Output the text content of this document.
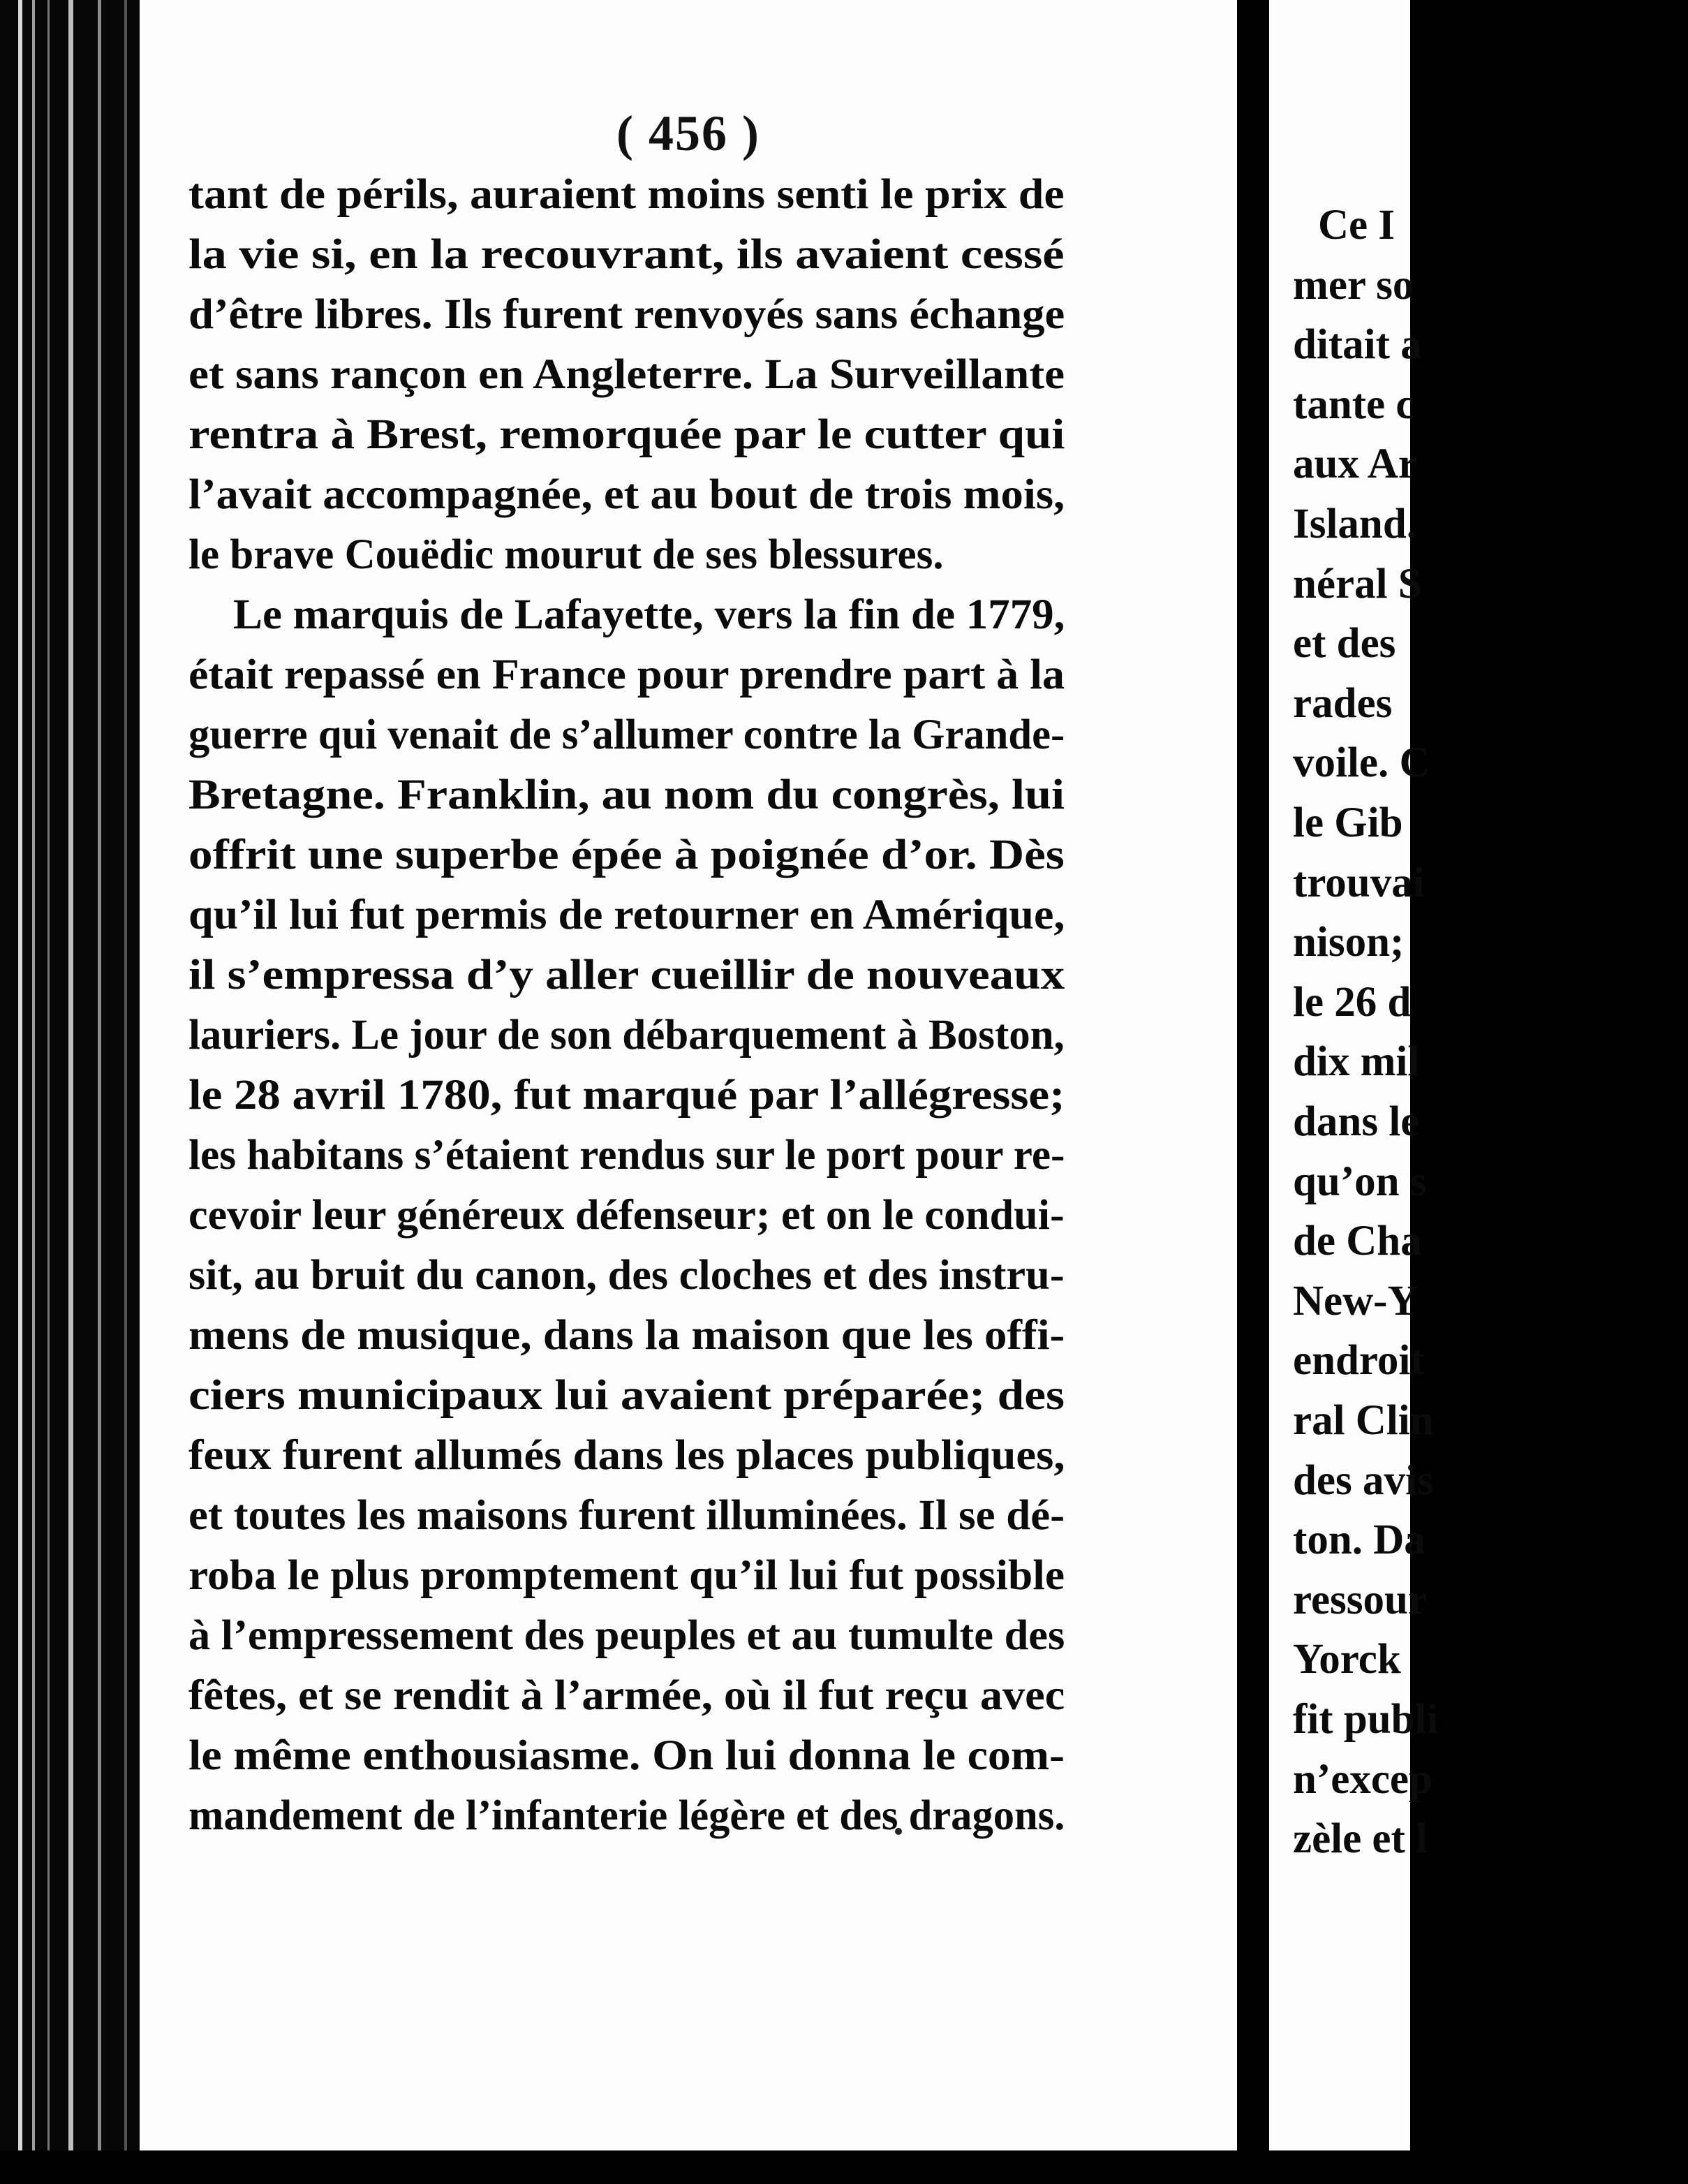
( 456 )
tant de périls, auraient moins senti le prix de
la vie si, en la recouvrant, ils avaient cessé
d’être libres. Ils furent renvoyés sans échange
et sans rançon en Angleterre. La Surveillante
rentra à Brest, remorquée par le cutter qui
l’avait accompagnée, et au bout de trois mois,
le brave Couëdic mourut de ses blessures.
Le marquis de Lafayette, vers la fin de 1779,
était repassé en France pour prendre part à la
guerre qui venait de s’allumer contre la Grande-
Bretagne. Franklin, au nom du congrès, lui
offrit une superbe épée à poignée d’or. Dès
qu’il lui fut permis de retourner en Amérique,
il s’empressa d’y aller cueillir de nouveaux
lauriers. Le jour de son débarquement à Boston,
le 28 avril 1780, fut marqué par l’allégresse;
les habitans s’étaient rendus sur le port pour re-
cevoir leur généreux défenseur; et on le condui-
sit, au bruit du canon, des cloches et des instru-
mens de musique, dans la maison que les offi-
ciers municipaux lui avaient préparée; des
feux furent allumés dans les places publiques,
et toutes les maisons furent illuminées. Il se dé-
roba le plus promptement qu’il lui fut possible
à l’empressement des peuples et au tumulte des
fêtes, et se rendit à l’armée, où il fut reçu avec
le même enthousiasme. On lui donna le com-
mandement de l’infanterie légère et des dragons.
Ce I
mer so
ditait a
tante c
aux Ar
Island.
néral S
et des
rades
voile. C
le Gib
trouvai
nison;
le 26 d
dix mil
dans le
qu’on s
de Cha
New-Y
endroit
ral Clin
des avis
ton. Da
ressour
Yorck
fit publi
n’excep
zèle et l
